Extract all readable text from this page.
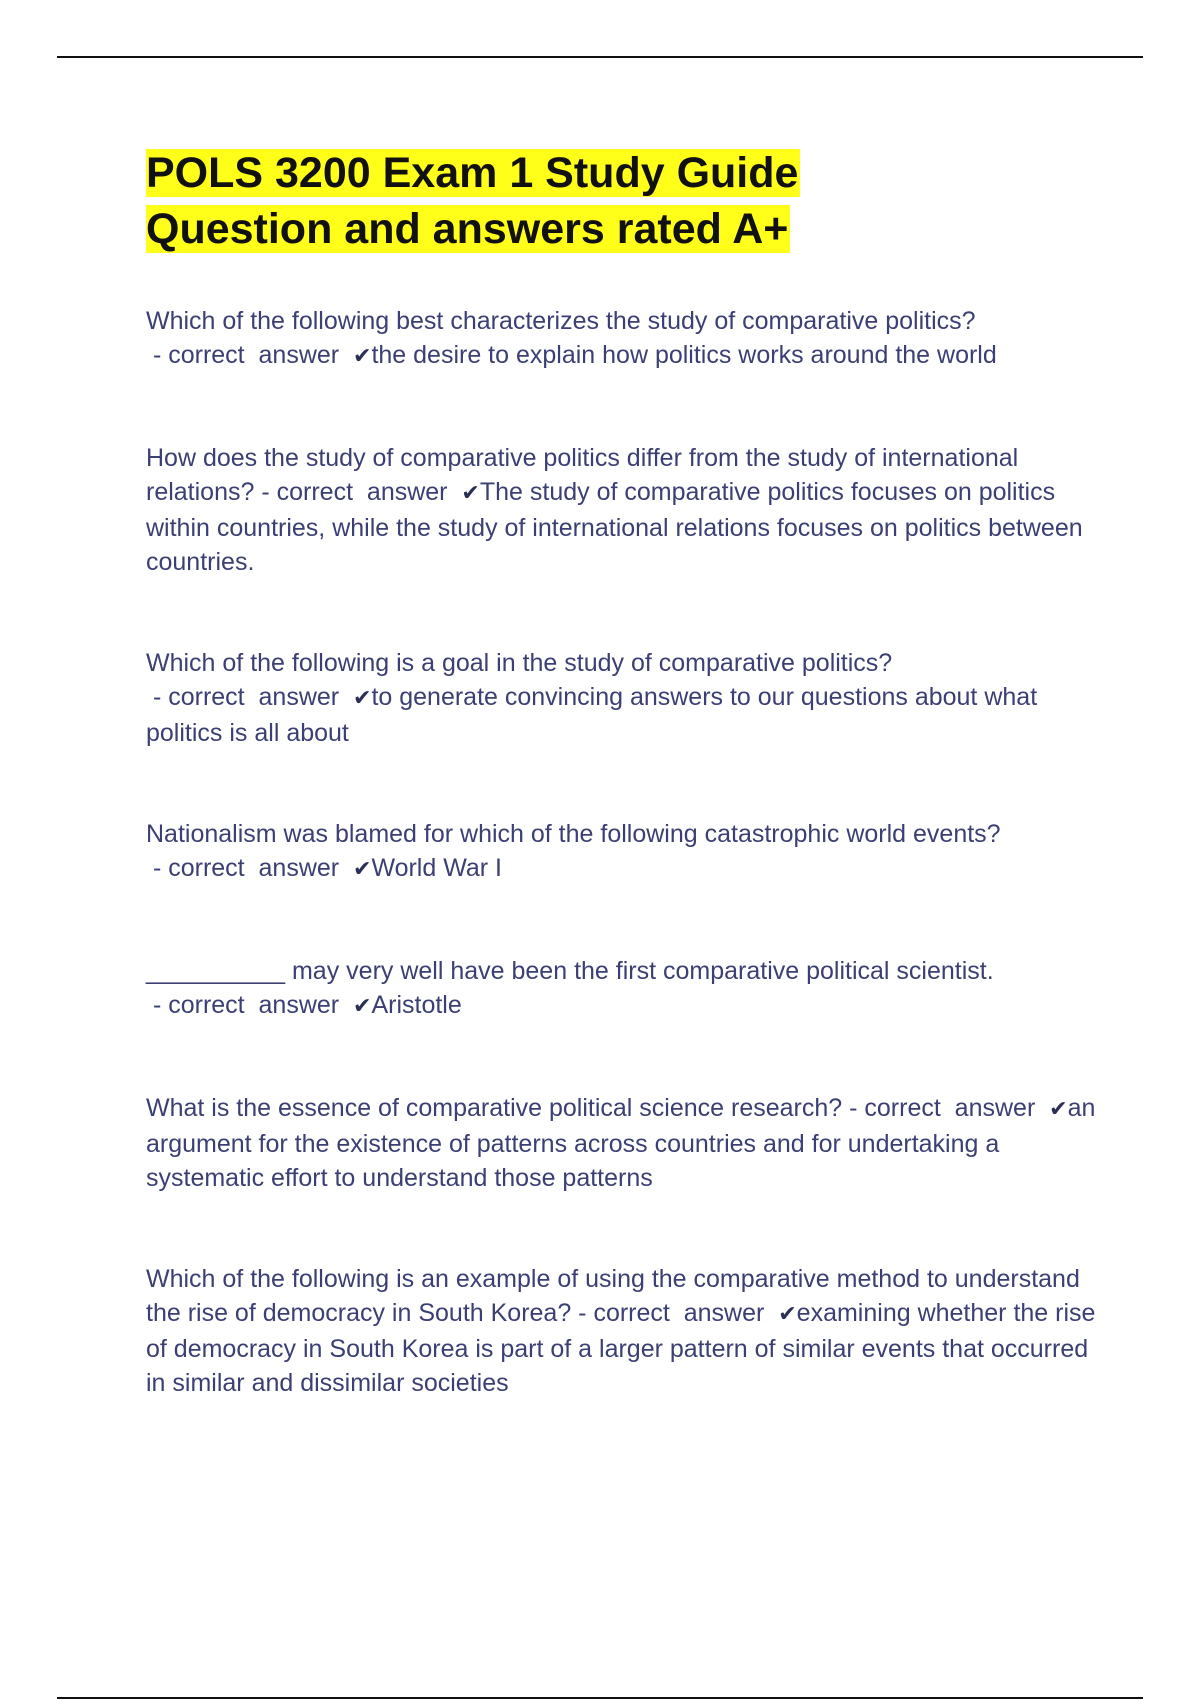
POLS 3200 Exam 1 Study Guide
Question and answers rated A+

Which of the following best characterizes the study of comparative politics? - correct  answer  ✔the desire to explain how politics works around the world

How does the study of comparative politics differ from the study of international relations? - correct  answer  ✔The study of comparative politics focuses on politics within countries, while the study of international relations focuses on politics between countries.

Which of the following is a goal in the study of comparative politics? - correct  answer  ✔to generate convincing answers to our questions about what politics is all about

Nationalism was blamed for which of the following catastrophic world events? - correct  answer  ✔World War I

__________ may very well have been the first comparative political scientist. - correct  answer  ✔Aristotle

What is the essence of comparative political science research? - correct  answer  ✔an argument for the existence of patterns across countries and for undertaking a systematic effort to understand those patterns

Which of the following is an example of using the comparative method to understand the rise of democracy in South Korea? - correct  answer  ✔examining whether the rise of democracy in South Korea is part of a larger pattern of similar events that occurred in similar and dissimilar societies
